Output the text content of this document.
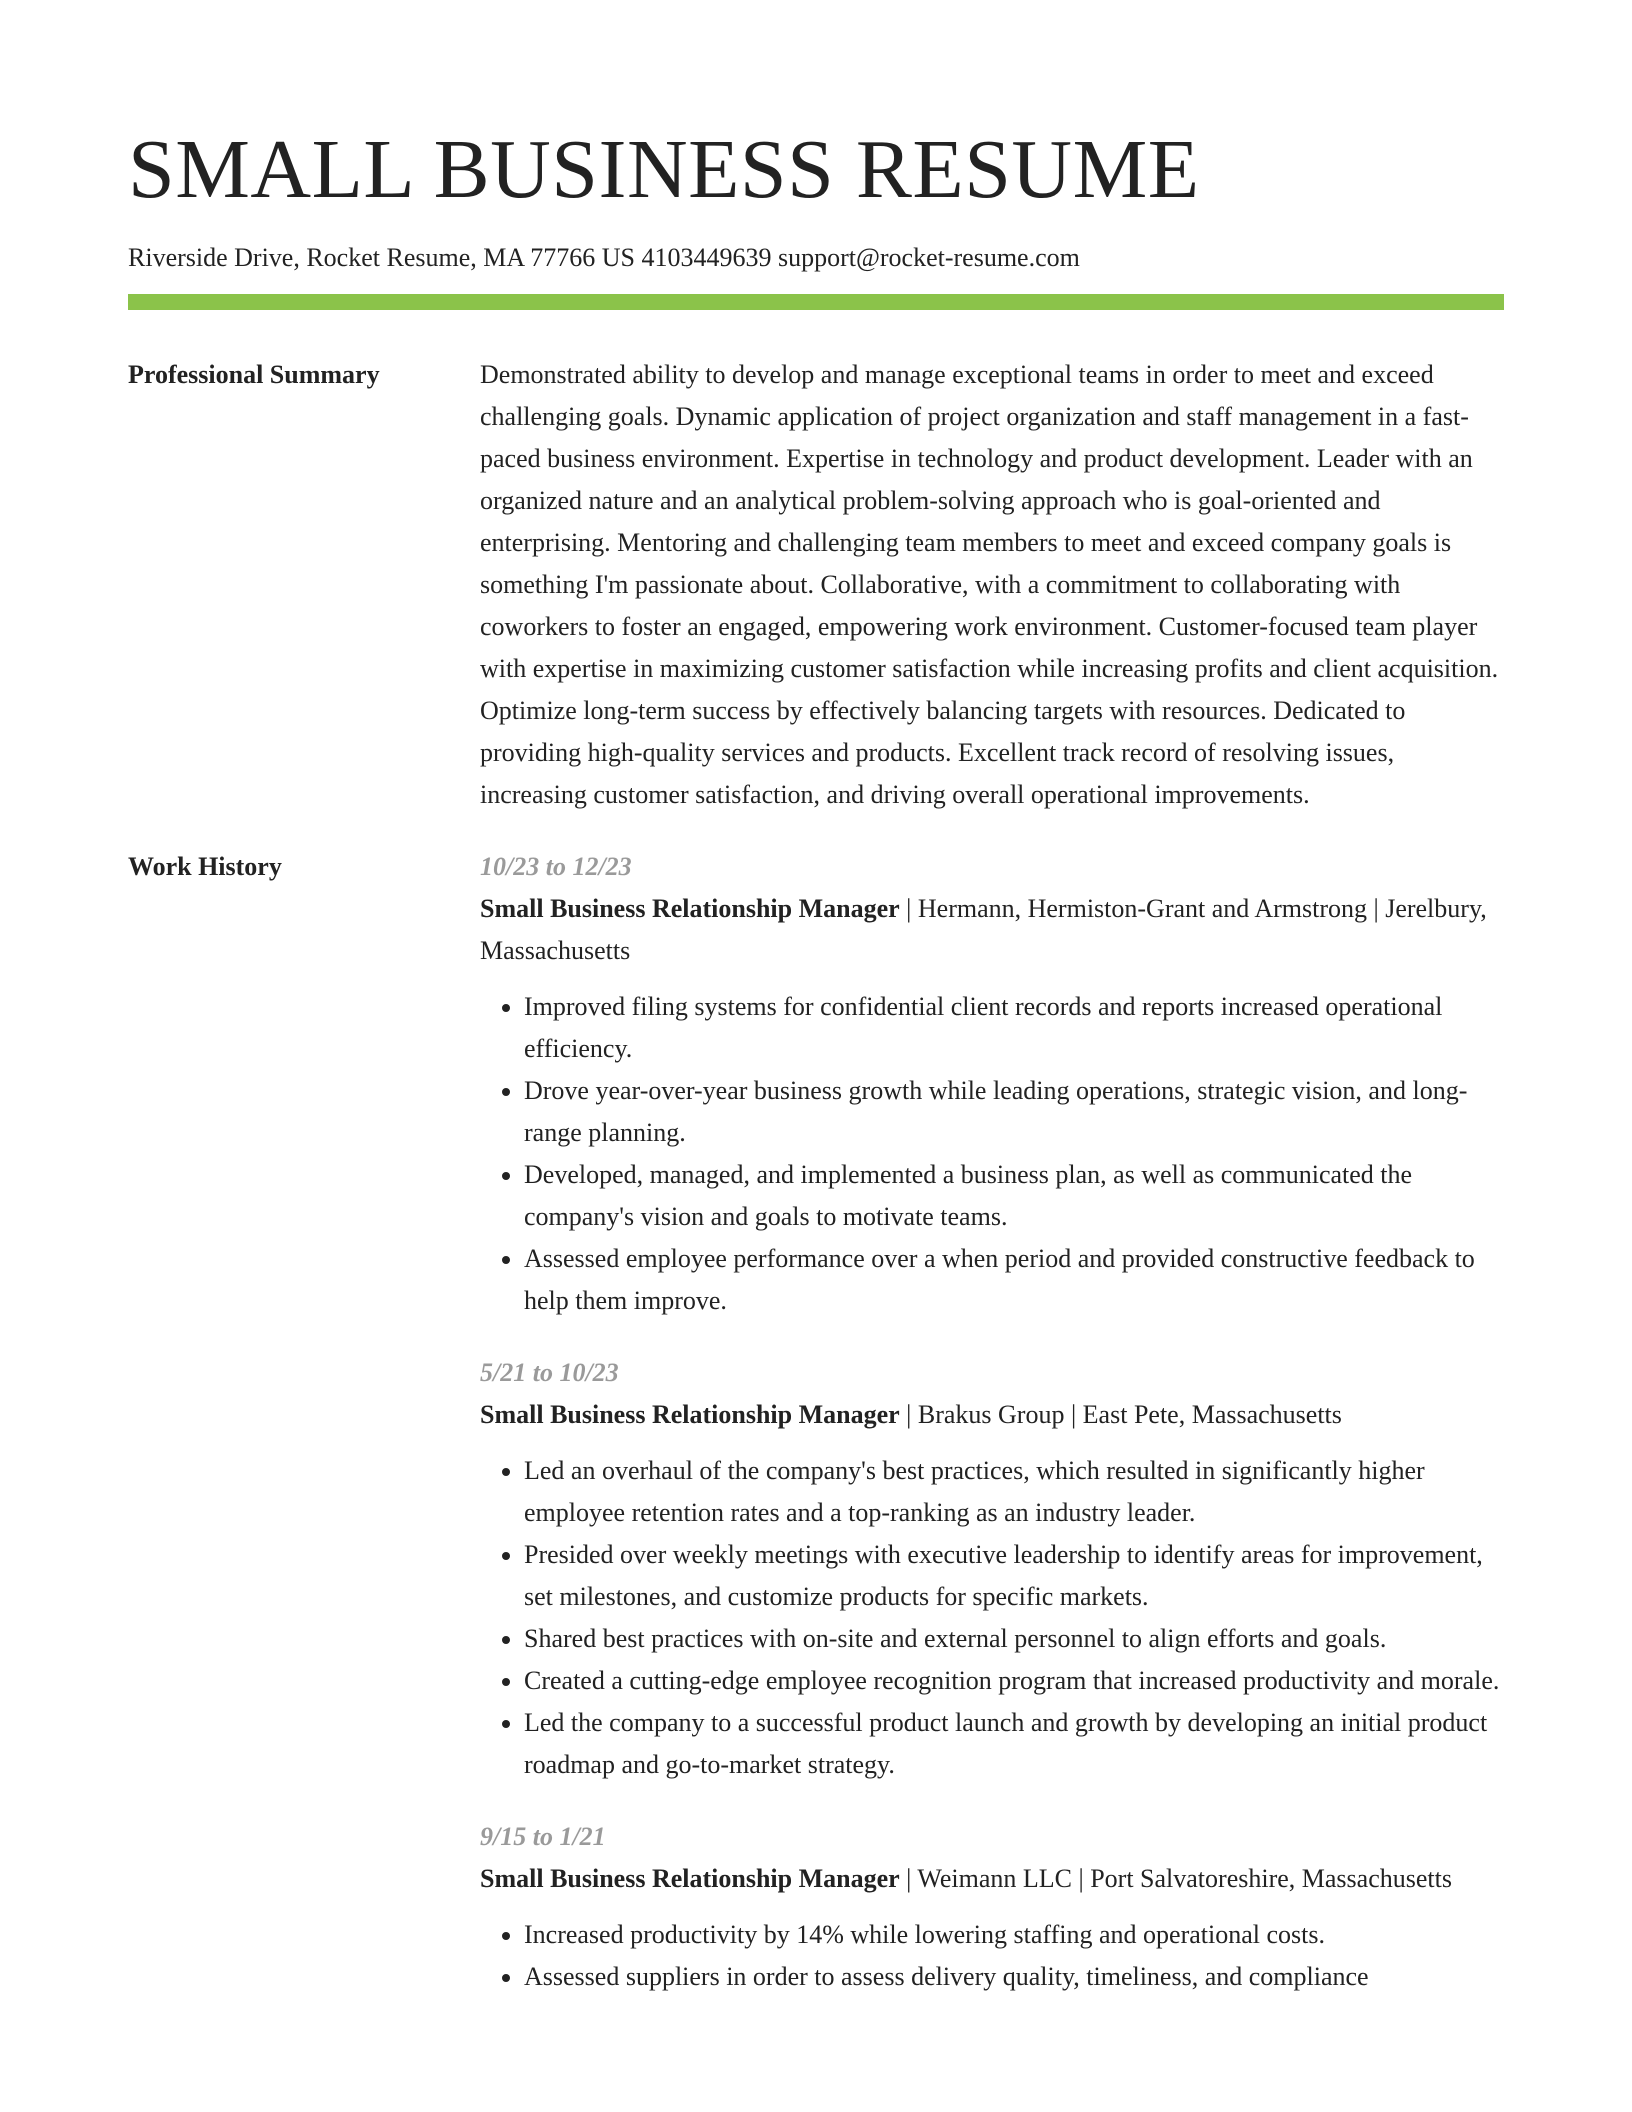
SMALL BUSINESS RESUME
Riverside Drive, Rocket Resume, MA 77766 US 4103449639 support@rocket-resume.com
Professional Summary	Demonstrated ability to develop and manage exceptional teams in order to meet and exceed challenging goals. Dynamic application of project organization and staff management in a fast-paced business environment. Expertise in technology and product development. Leader with an organized nature and an analytical problem-solving approach who is goal-oriented and enterprising. Mentoring and challenging team members to meet and exceed company goals is something I'm passionate about. Collaborative, with a commitment to collaborating with coworkers to foster an engaged, empowering work environment. Customer-focused team player with expertise in maximizing customer satisfaction while increasing profits and client acquisition. Optimize long-term success by effectively balancing targets with resources. Dedicated to providing high-quality services and products. Excellent track record of resolving issues, increasing customer satisfaction, and driving overall operational improvements.

Work History	10/23 to 12/23
Small Business Relationship Manager | Hermann, Hermiston-Grant and Armstrong | Jerelbury, Massachusetts
• Improved filing systems for confidential client records and reports increased operational efficiency.
• Drove year-over-year business growth while leading operations, strategic vision, and long-range planning.
• Developed, managed, and implemented a business plan, as well as communicated the company's vision and goals to motivate teams.
• Assessed employee performance over a when period and provided constructive feedback to help them improve.
5/21 to 10/23
Small Business Relationship Manager | Brakus Group | East Pete, Massachusetts
• Led an overhaul of the company's best practices, which resulted in significantly higher employee retention rates and a top-ranking as an industry leader.
• Presided over weekly meetings with executive leadership to identify areas for improvement, set milestones, and customize products for specific markets.
• Shared best practices with on-site and external personnel to align efforts and goals.
• Created a cutting-edge employee recognition program that increased productivity and morale.
• Led the company to a successful product launch and growth by developing an initial product roadmap and go-to-market strategy.
9/15 to 1/21
Small Business Relationship Manager | Weimann LLC | Port Salvatoreshire, Massachusetts
• Increased productivity by 14% while lowering staffing and operational costs.
• Assessed suppliers in order to assess delivery quality, timeliness, and compliance
